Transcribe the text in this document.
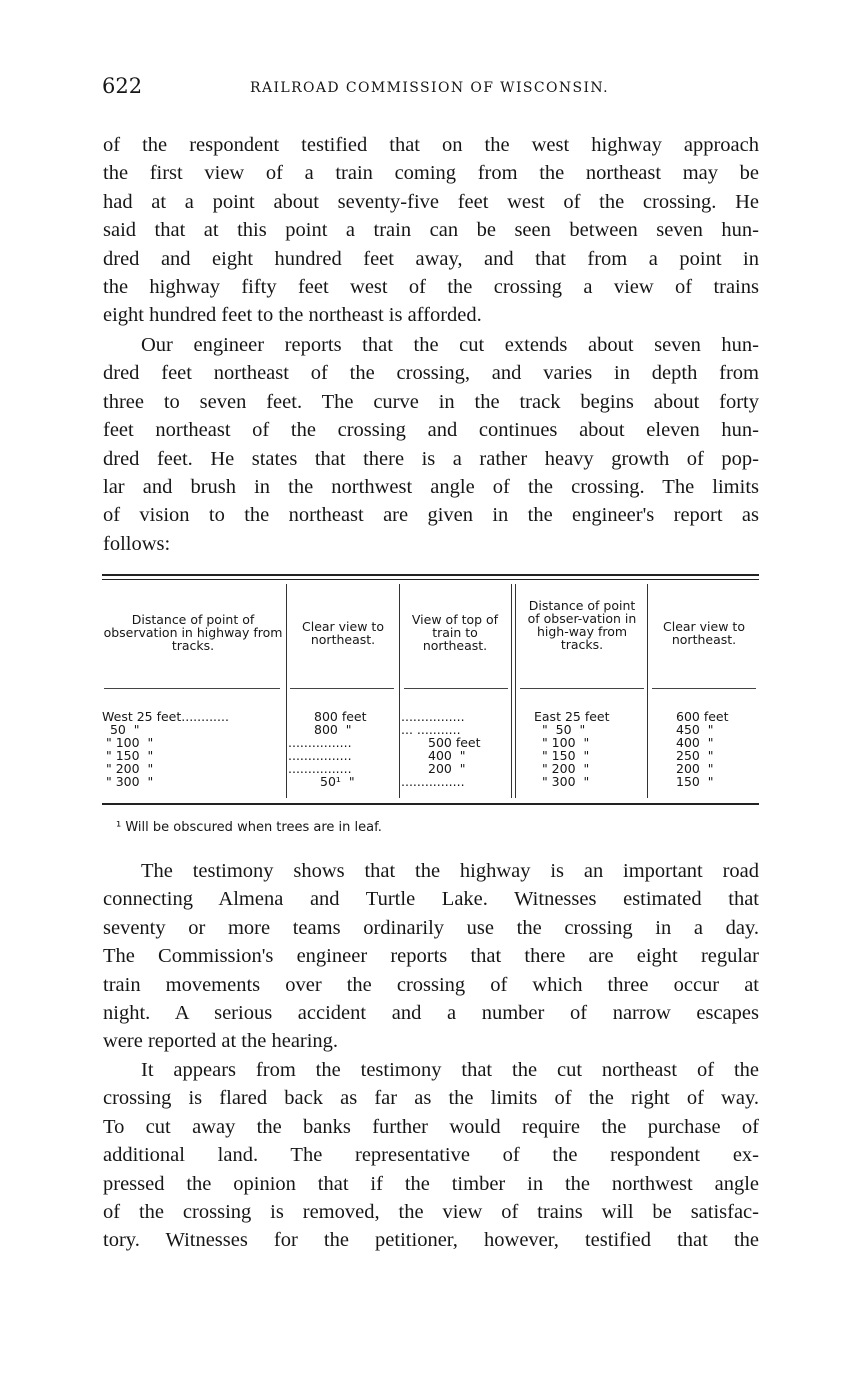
622	RAILROAD COMMISSION OF WISCONSIN.
of the respondent testified that on the west highway approach
the first view of a train coming from the northeast may be
had at a point about seventy-five feet west of the crossing. He
said that at this point a train can be seen between seven hun-
dred and eight hundred feet away, and that from a point in
the highway fifty feet west of the crossing a view of trains
eight hundred feet to the northeast is afforded.
Our engineer reports that the cut extends about seven hun-
dred feet northeast of the crossing, and varies in depth from
three to seven feet. The curve in the track begins about forty
feet northeast of the crossing and continues about eleven hun-
dred feet. He states that there is a rather heavy growth of pop-
lar and brush in the northwest angle of the crossing. The limits
of vision to the northeast are given in the engineer's report as
follows:
Distance of point of observation in highway from tracks.
Clear view to northeast.
View of top of train to northeast.
Distance of point of obser-vation in high-way from tracks.
Clear view to northeast.
West 25 feet............
50  "
" 100  "
" 150  "
" 200  "
" 300  "
800 feet
800  "
................
................
................
50¹  "
................
... ...........
500 feet
400  "
200  "
................
East 25 feet
"  50  "
" 100  "
" 150  "
" 200  "
" 300  "
600 feet
450  "
400  "
250  "
200  "
150  "
¹ Will be obscured when trees are in leaf.
The testimony shows that the highway is an important road
connecting Almena and Turtle Lake. Witnesses estimated that
seventy or more teams ordinarily use the crossing in a day.
The Commission's engineer reports that there are eight regular
train movements over the crossing of which three occur at
night. A serious accident and a number of narrow escapes
were reported at the hearing.
It appears from the testimony that the cut northeast of the
crossing is flared back as far as the limits of the right of way.
To cut away the banks further would require the purchase of
additional land. The representative of the respondent ex-
pressed the opinion that if the timber in the northwest angle
of the crossing is removed, the view of trains will be satisfac-
tory. Witnesses for the petitioner, however, testified that the
